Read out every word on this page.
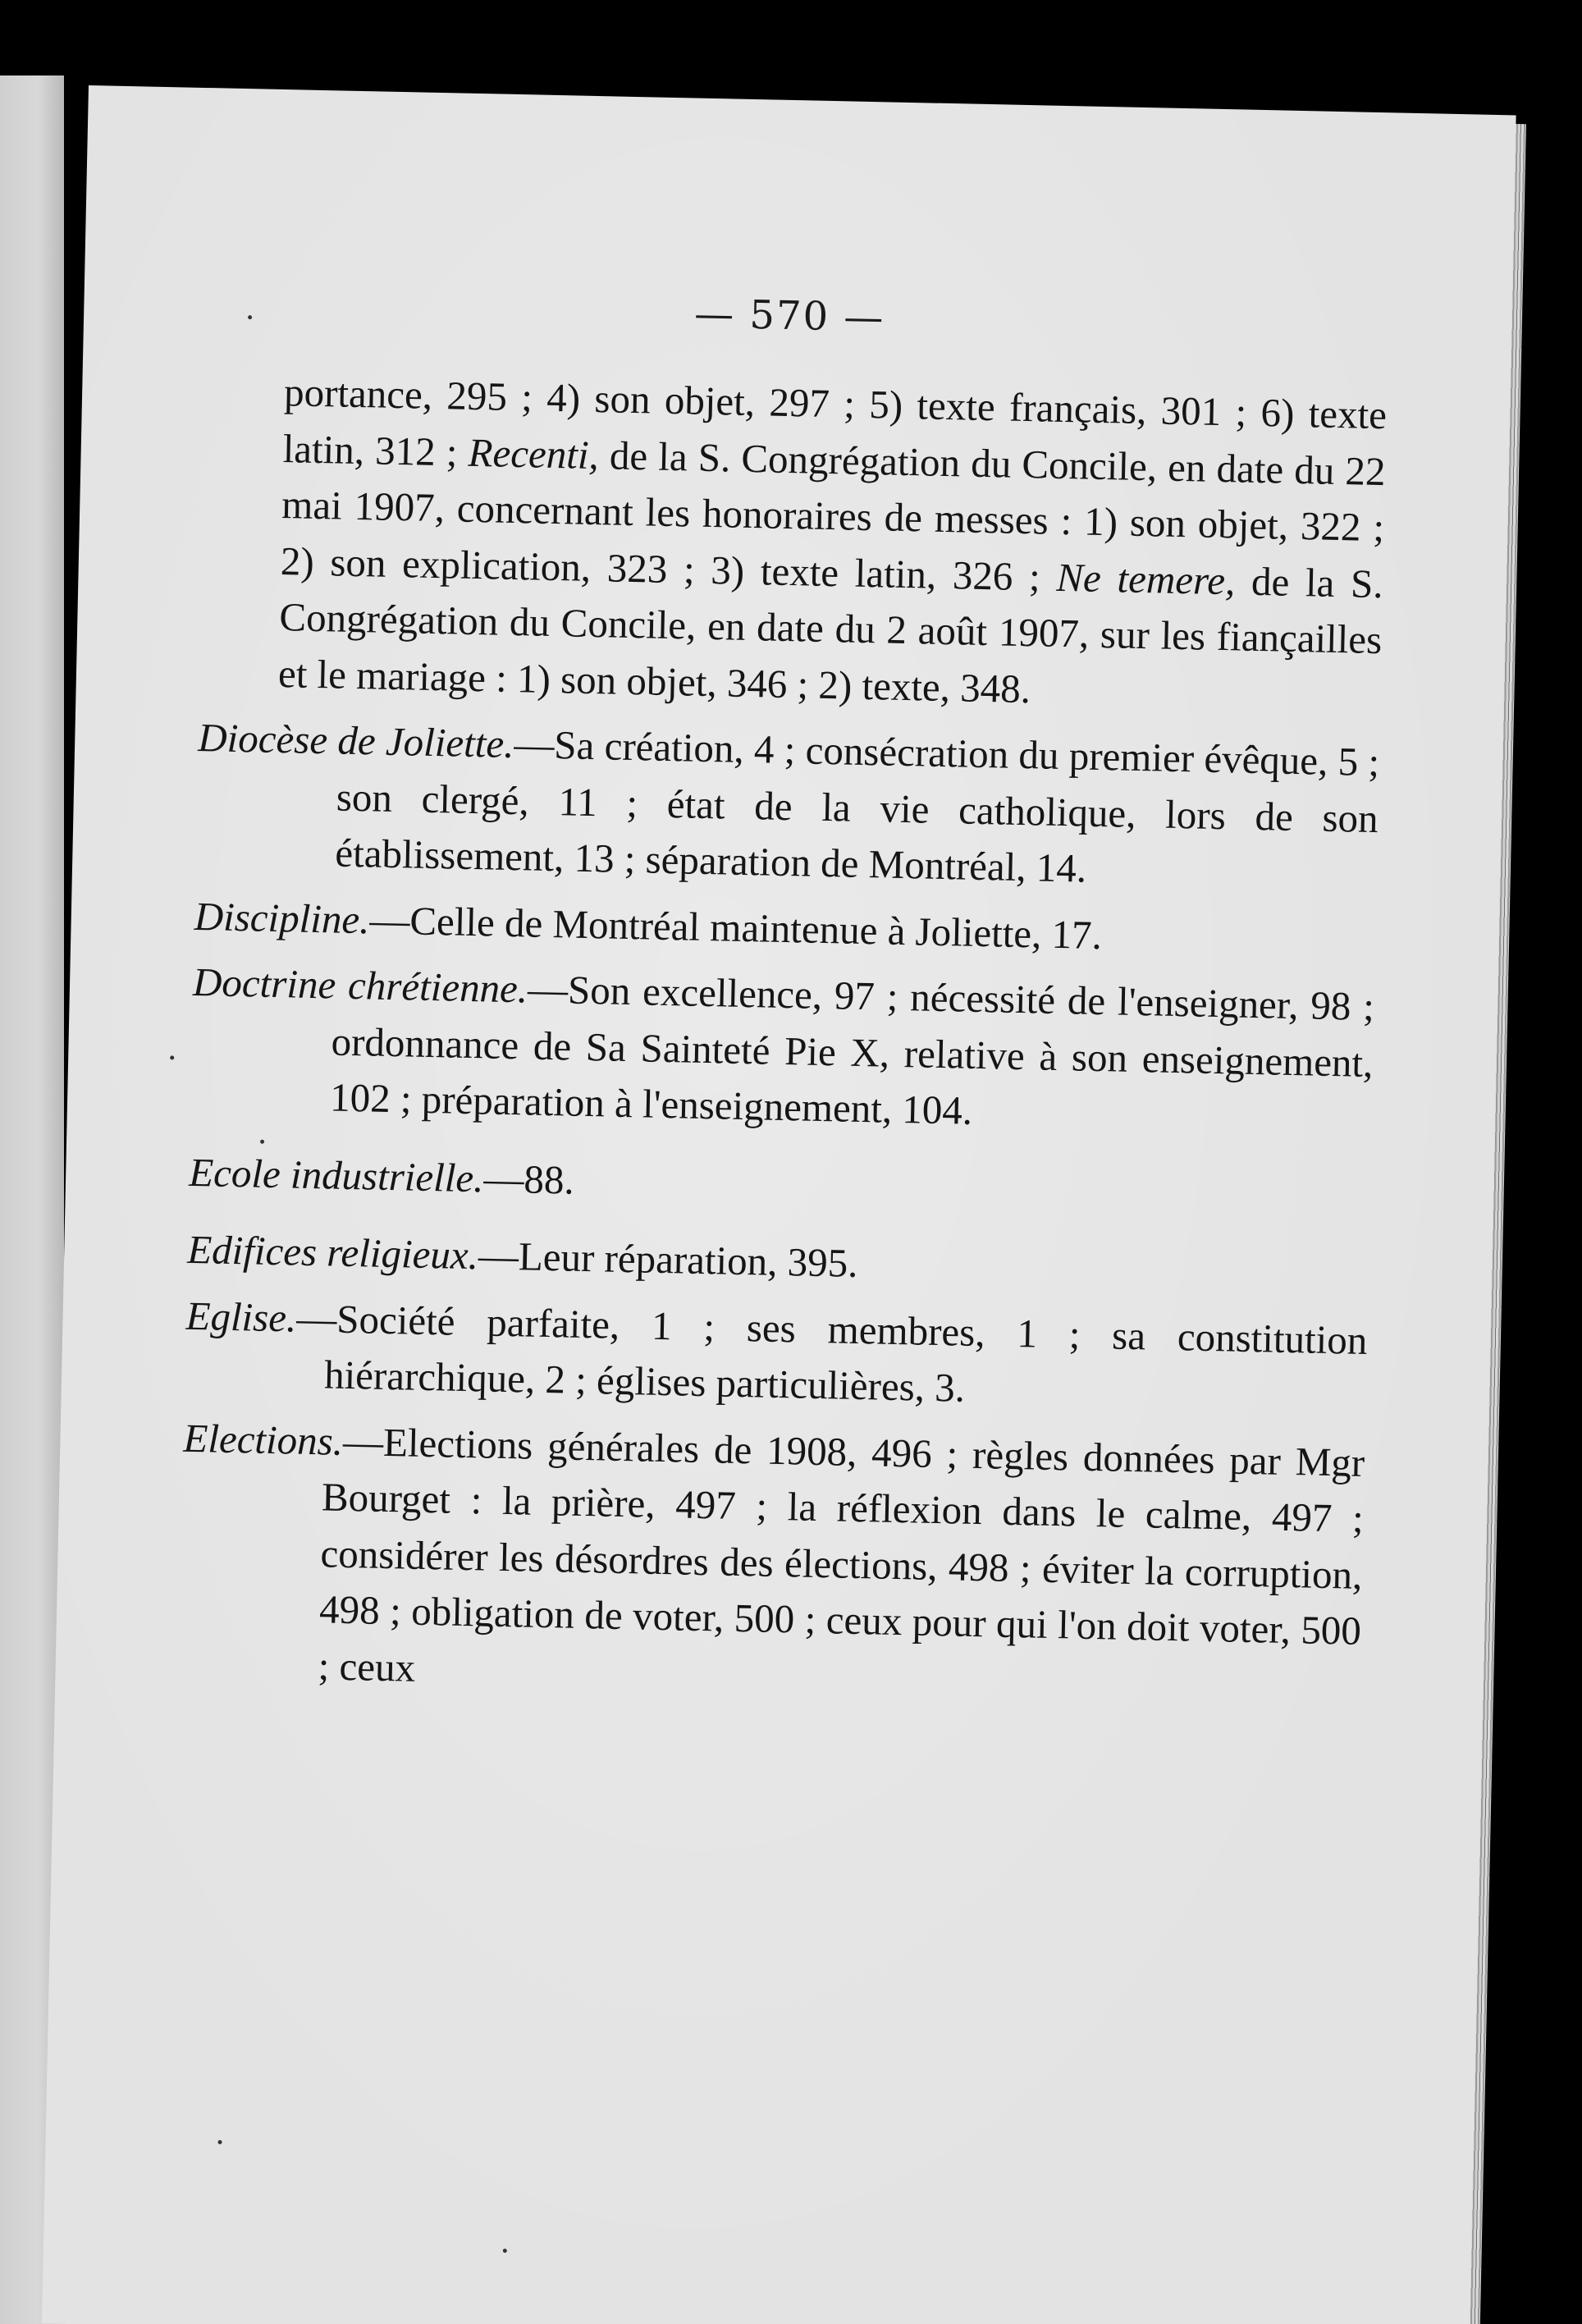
— 570 —
portance, 295 ; 4) son objet, 297 ; 5) texte français, 301 ; 6) texte latin, 312 ; Recenti, de la S. Congrégation du Concile, en date du 22 mai 1907, concernant les honoraires de messes : 1) son objet, 322 ; 2) son explication, 323 ; 3) texte latin, 326 ; Ne temere, de la S. Congrégation du Concile, en date du 2 août 1907, sur les fiançailles et le mariage : 1) son objet, 346 ; 2) texte, 348.
Diocèse de Joliette.—Sa création, 4 ; consécration du premier évêque, 5 ; son clergé, 11 ; état de la vie catholique, lors de son établissement, 13 ; séparation de Montréal, 14.
Discipline.—Celle de Montréal maintenue à Joliette, 17.
Doctrine chrétienne.—Son excellence, 97 ; nécessité de l'enseigner, 98 ; ordonnance de Sa Sainteté Pie X, relative à son enseignement, 102 ; préparation à l'enseignement, 104.
Ecole industrielle.—88.
Edifices religieux.—Leur réparation, 395.
Eglise.—Société parfaite, 1 ; ses membres, 1 ; sa constitution hiérarchique, 2 ; églises particulières, 3.
Elections.—Elections générales de 1908, 496 ; règles données par Mgr Bourget : la prière, 497 ; la réflexion dans le calme, 497 ; considérer les désordres des élections, 498 ; éviter la corruption, 498 ; obligation de voter, 500 ; ceux pour qui l'on doit voter, 500 ; ceux
